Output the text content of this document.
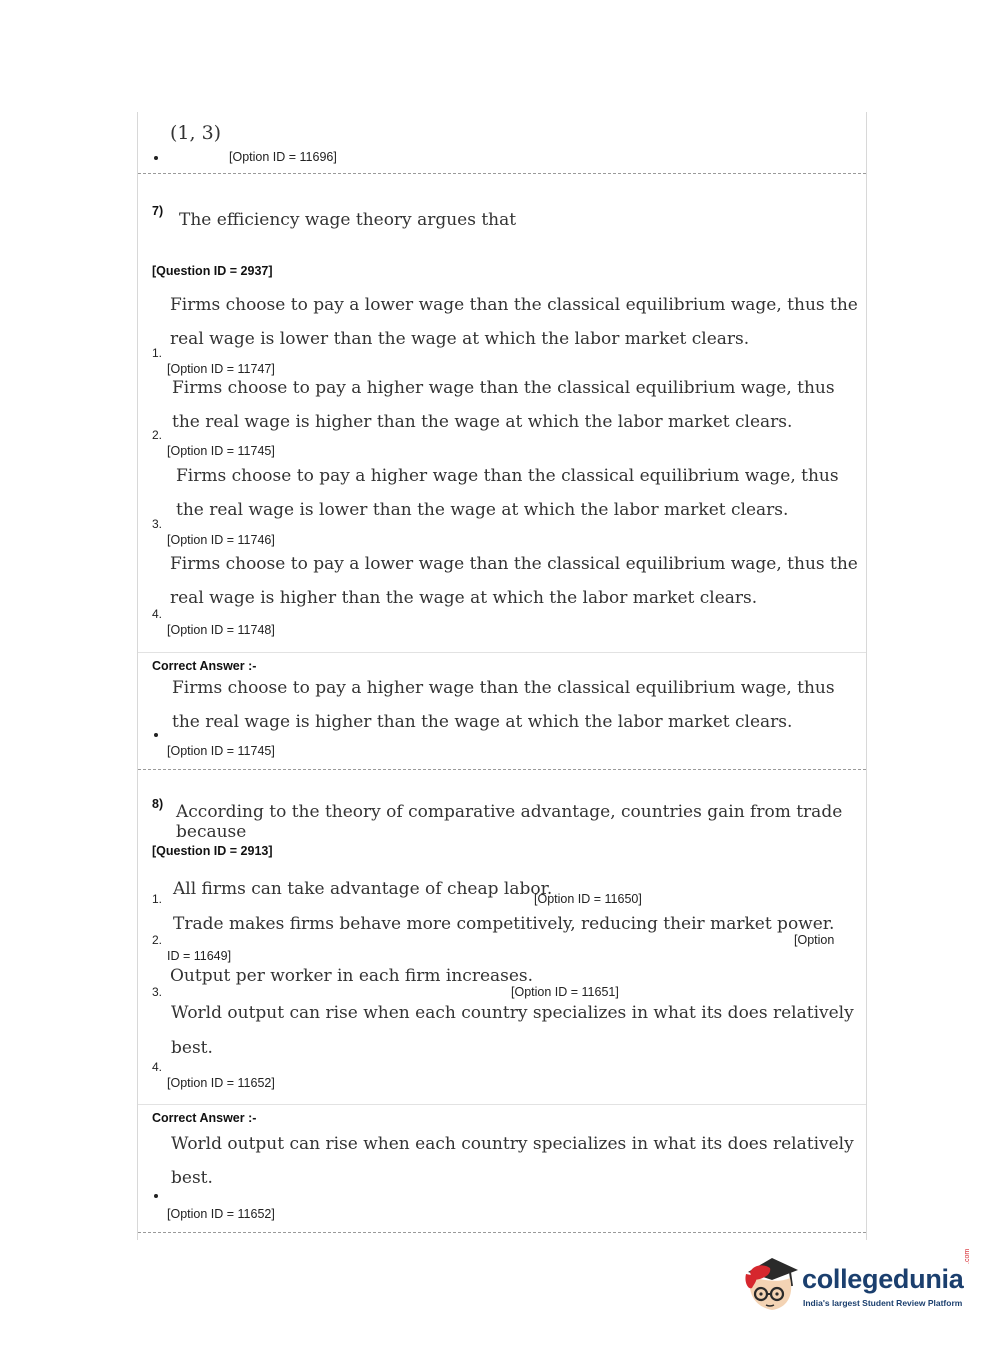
(1, 3)
[Option ID = 11696]
7) The efficiency wage theory argues that
[Question ID = 2937]
Firms choose to pay a lower wage than the classical equilibrium wage, thus the
real wage is lower than the wage at which the labor market clears.
1.
[Option ID = 11747]
Firms choose to pay a higher wage than the classical equilibrium wage, thus
the real wage is higher than the wage at which the labor market clears.
2.
[Option ID = 11745]
Firms choose to pay a higher wage than the classical equilibrium wage, thus
the real wage is lower than the wage at which the labor market clears.
3.
[Option ID = 11746]
Firms choose to pay a lower wage than the classical equilibrium wage, thus the
real wage is higher than the wage at which the labor market clears.
4.
[Option ID = 11748]
Correct Answer :-
Firms choose to pay a higher wage than the classical equilibrium wage, thus
the real wage is higher than the wage at which the labor market clears.
[Option ID = 11745]
8) According to the theory of comparative advantage, countries gain from trade because
[Question ID = 2913]
All firms can take advantage of cheap labor.
1.	[Option ID = 11650]
Trade makes firms behave more competitively, reducing their market power.
2.	[Option
ID = 11649]
Output per worker in each firm increases.
3.	[Option ID = 11651]
World output can rise when each country specializes in what its does relatively
best.
4.
[Option ID = 11652]
Correct Answer :-
World output can rise when each country specializes in what its does relatively
best.
[Option ID = 11652]
collegedunia
.com
India's largest Student Review Platform
